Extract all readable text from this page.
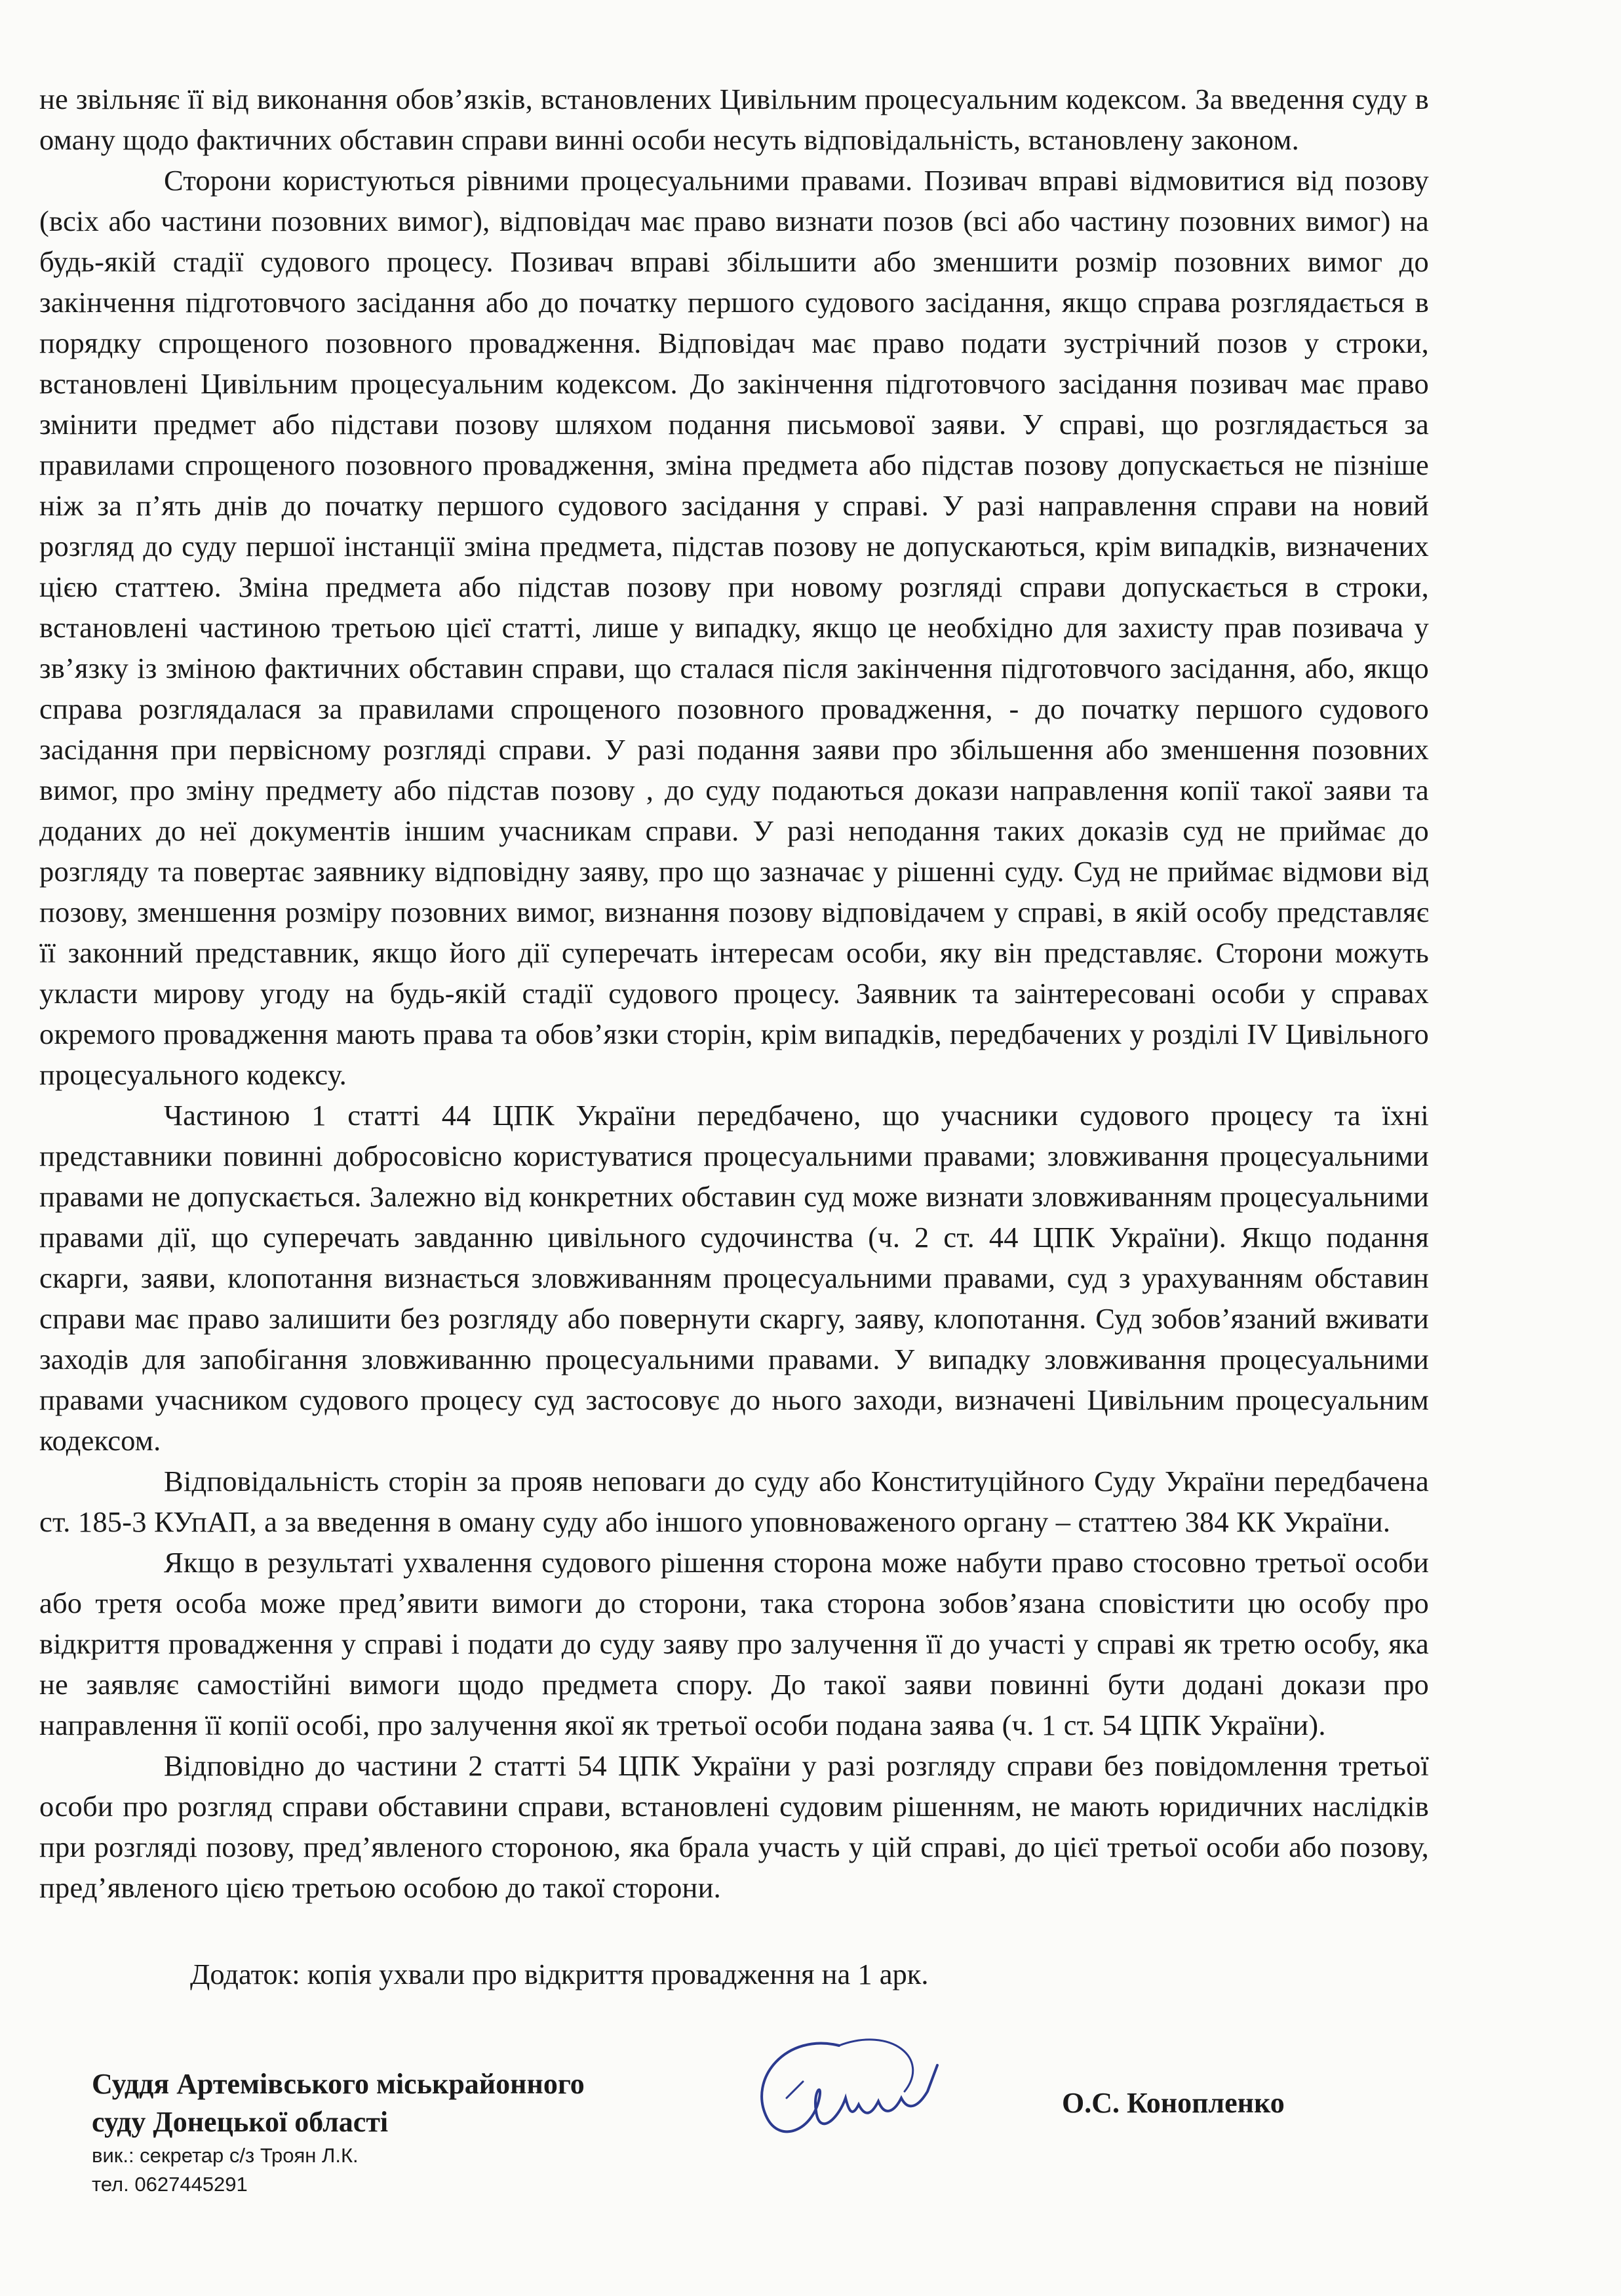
не звільняє її від виконання обов’язків, встановлених Цивільним процесуальним кодексом. За введення суду в оману щодо фактичних обставин справи винні особи несуть відповідальність, встановлену законом.

Сторони користуються рівними процесуальними правами. Позивач вправі відмовитися від позову (всіх або частини позовних вимог), відповідач має право визнати позов (всі або частину позовних вимог) на будь-якій стадії судового процесу. Позивач вправі збільшити або зменшити розмір позовних вимог до закінчення підготовчого засідання або до початку першого судового засідання, якщо справа розглядається в порядку спрощеного позовного провадження. Відповідач має право подати зустрічний позов у строки, встановлені Цивільним процесуальним кодексом. До закінчення підготовчого засідання позивач має право змінити предмет або підстави позову шляхом подання письмової заяви. У справі, що розглядається за правилами спрощеного позовного провадження, зміна предмета або підстав позову допускається не пізніше ніж за п’ять днів до початку першого судового засідання у справі. У разі направлення справи на новий розгляд до суду першої інстанції зміна предмета, підстав позову не допускаються, крім випадків, визначених цією статтею. Зміна предмета або підстав позову при новому розгляді справи допускається в строки, встановлені частиною третьою цієї статті, лише у випадку, якщо це необхідно для захисту прав позивача у зв’язку із зміною фактичних обставин справи, що сталася після закінчення підготовчого засідання, або, якщо справа розглядалася за правилами спрощеного позовного провадження, - до початку першого судового засідання при первісному розгляді справи. У разі подання заяви про збільшення або зменшення позовних вимог, про зміну предмету або підстав позову , до суду подаються докази направлення копії такої заяви та доданих до неї документів іншим учасникам справи. У разі неподання таких доказів суд не приймає до розгляду та повертає заявнику відповідну заяву, про що зазначає у рішенні суду. Суд не приймає відмови від позову, зменшення розміру позовних вимог, визнання позову відповідачем у справі, в якій особу представляє її законний представник, якщо його дії суперечать інтересам особи, яку він представляє. Сторони можуть укласти мирову угоду на будь-якій стадії судового процесу. Заявник та заінтересовані особи у справах окремого провадження мають права та обов’язки сторін, крім випадків, передбачених у розділі IV Цивільного процесуального кодексу.

Частиною 1 статті 44 ЦПК України передбачено, що учасники судового процесу та їхні представники повинні добросовісно користуватися процесуальними правами; зловживання процесуальними правами не допускається. Залежно від конкретних обставин суд може визнати зловживанням процесуальними правами дії, що суперечать завданню цивільного судочинства (ч. 2 ст. 44 ЦПК України). Якщо подання скарги, заяви, клопотання визнається зловживанням процесуальними правами, суд з урахуванням обставин справи має право залишити без розгляду або повернути скаргу, заяву, клопотання. Суд зобов’язаний вживати заходів для запобігання зловживанню процесуальними правами. У випадку зловживання процесуальними правами учасником судового процесу суд застосовує до нього заходи, визначені Цивільним процесуальним кодексом.

Відповідальність сторін за прояв неповаги до суду або Конституційного Суду України передбачена ст. 185-3 КУпАП, а за введення в оману суду або іншого уповноваженого органу – статтею 384 КК України.

Якщо в результаті ухвалення судового рішення сторона може набути право стосовно третьої особи або третя особа може пред’явити вимоги до сторони, така сторона зобов’язана сповістити цю особу про відкриття провадження у справі і подати до суду заяву про залучення її до участі у справі як третю особу, яка не заявляє самостійні вимоги щодо предмета спору. До такої заяви повинні бути додані докази про направлення її копії особі, про залучення якої як третьої особи подана заява (ч. 1 ст. 54 ЦПК України).

Відповідно до частини 2 статті 54 ЦПК України у разі розгляду справи без повідомлення третьої особи про розгляд справи обставини справи, встановлені судовим рішенням, не мають юридичних наслідків при розгляді позову, пред’явленого стороною, яка брала участь у цій справі, до цієї третьої особи або позову, пред’явленого цією третьою особою до такої сторони.

Додаток: копія ухвали про відкриття провадження на 1 арк.
Суддя Артемівського міськрайонного
суду Донецької області
вик.: секретар с/з Троян Л.К.
тел. 0627445291
О.С. Коноплeнко
